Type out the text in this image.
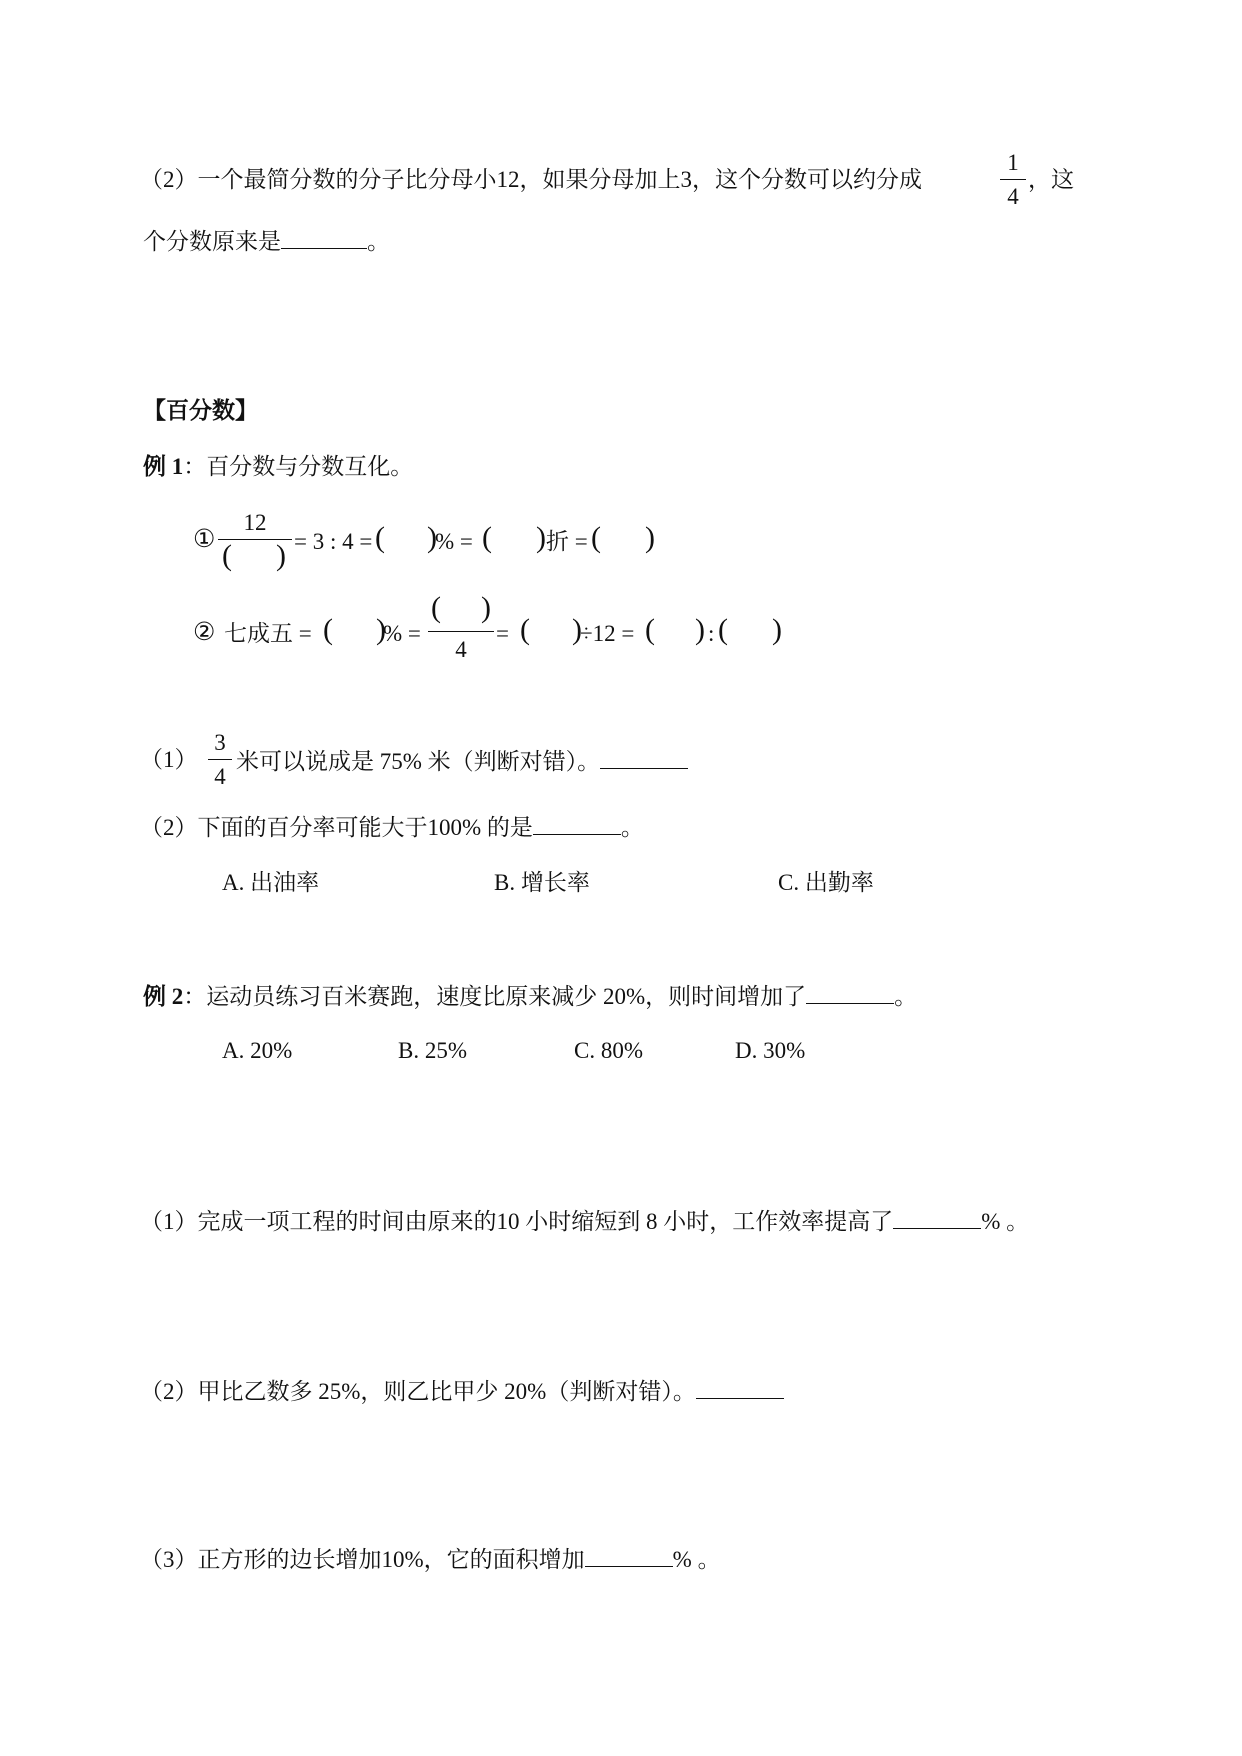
（2）一个最简分数的分子比分母小12，如果分母加上3，这个分数可以约分成
1
4
，这
个分数原来是	。
【百分数】
例 1：百分数与分数互化。
①
12
( ) = 3 : 4 = ( )
% = ( ) 折 = ( )
② 七成五 = ( )
% =
( )
4
= ( )
÷12 = ( ) : ( )
（1）
3
4
米可以说成是 75% 米（判断对错）。
（2）下面的百分率可能大于100% 的是	。
A. 出油率	B. 增长率	C. 出勤率
例 2：运动员练习百米赛跑，速度比原来减少 20%，则时间增加了	。
A. 20%	B. 25%	C. 80%	D. 30%
（1）完成一项工程的时间由原来的10 小时缩短到 8 小时，工作效率提高了	% 。
（2）甲比乙数多 25%，则乙比甲少 20%（判断对错）。
（3）正方形的边长增加10%，它的面积增加	% 。
